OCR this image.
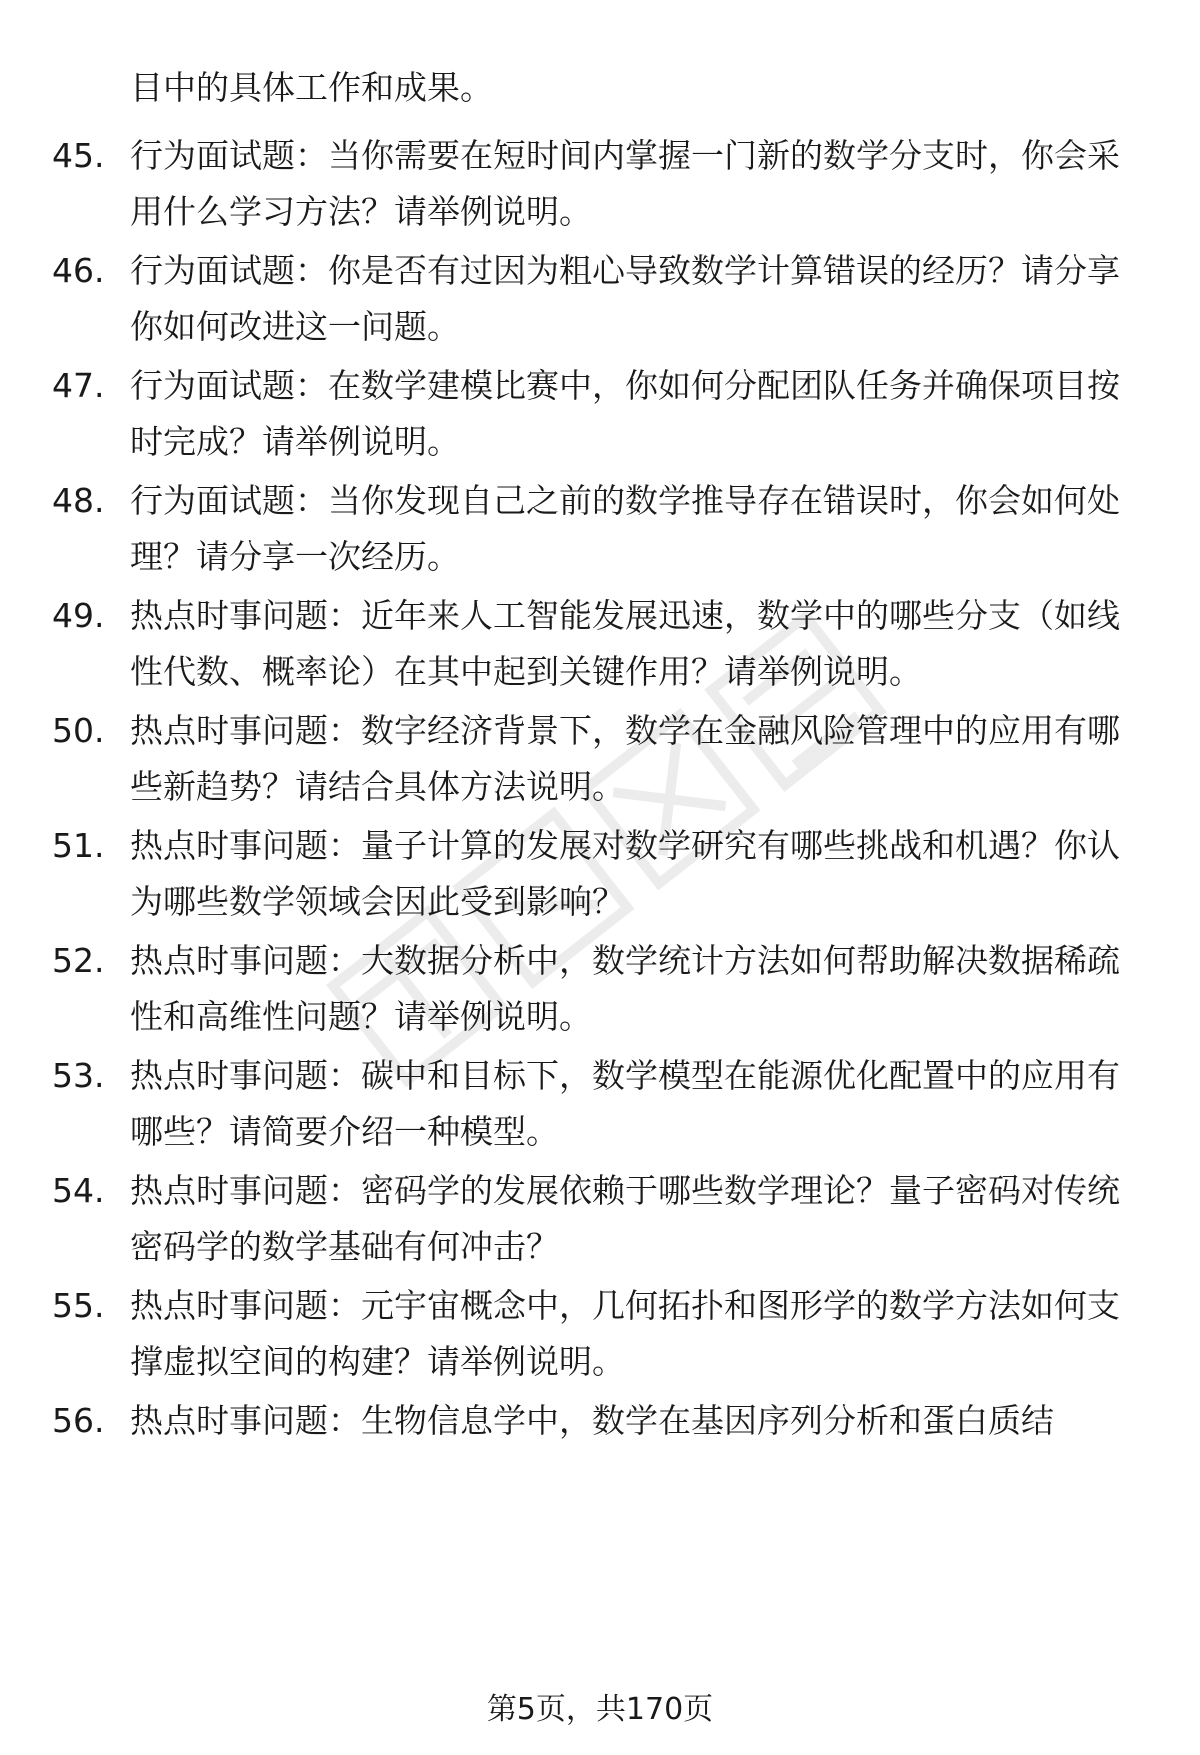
目中的具体工作和成果。

45. 行为面试题：当你需要在短时间内掌握一门新的数学分支时，你会采用什么学习方法？请举例说明。
46. 行为面试题：你是否有过因为粗心导致数学计算错误的经历？请分享你如何改进这一问题。
47. 行为面试题：在数学建模比赛中，你如何分配团队任务并确保项目按时完成？请举例说明。
48. 行为面试题：当你发现自己之前的数学推导存在错误时，你会如何处理？请分享一次经历。
49. 热点时事问题：近年来人工智能发展迅速，数学中的哪些分支（如线性代数、概率论）在其中起到关键作用？请举例说明。
50. 热点时事问题：数字经济背景下，数学在金融风险管理中的应用有哪些新趋势？请结合具体方法说明。
51. 热点时事问题：量子计算的发展对数学研究有哪些挑战和机遇？你认为哪些数学领域会因此受到影响？
52. 热点时事问题：大数据分析中，数学统计方法如何帮助解决数据稀疏性和高维性问题？请举例说明。
53. 热点时事问题：碳中和目标下，数学模型在能源优化配置中的应用有哪些？请简要介绍一种模型。
54. 热点时事问题：密码学的发展依赖于哪些数学理论？量子密码对传统密码学的数学基础有何冲击？
55. 热点时事问题：元宇宙概念中，几何拓扑和图形学的数学方法如何支撑虚拟空间的构建？请举例说明。
56. 热点时事问题：生物信息学中，数学在基因序列分析和蛋白质结
第5页，共170页
